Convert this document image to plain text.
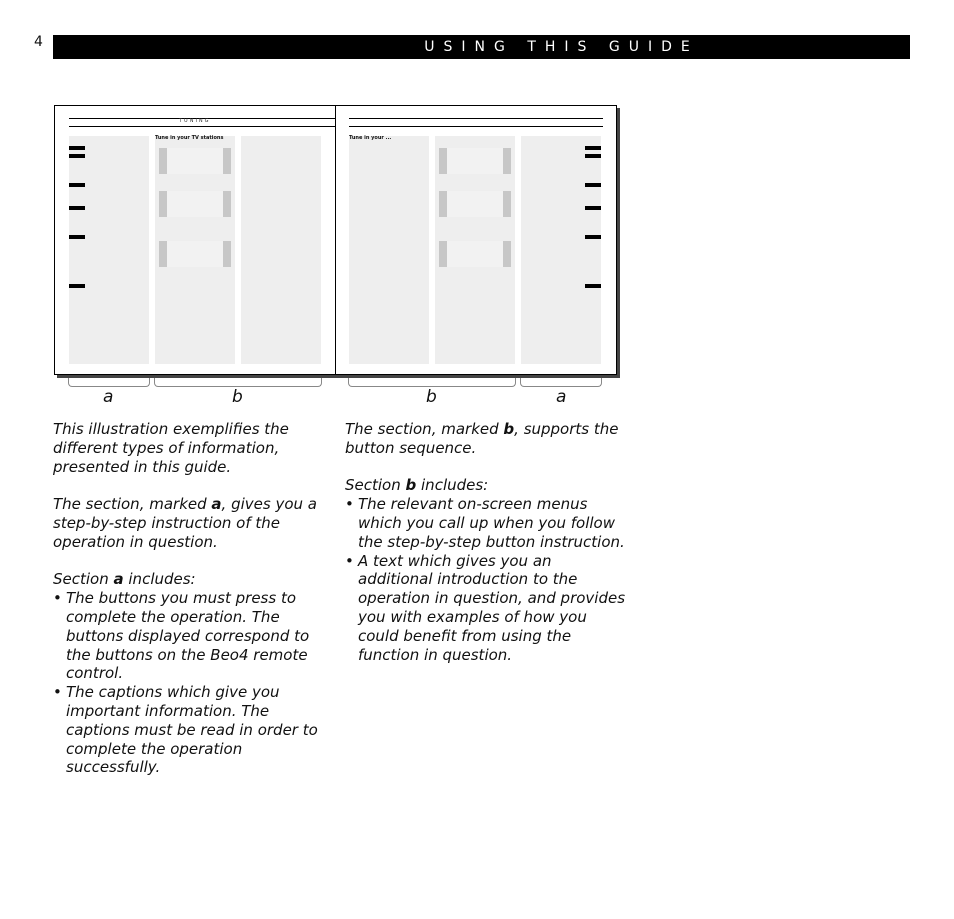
4	USING THIS GUIDE
TUNING
Tune in your TV stations	Tune in your ...
a	b	b	a

This illustration exemplifies the different types of information, presented in this guide.

The section, marked a, gives you a step-by-step instruction of the operation in question.

Section a includes:
• The buttons you must press to complete the operation. The buttons displayed correspond to the buttons on the Beo4 remote control.
• The captions which give you important information. The captions must be read in order to complete the operation successfully.

The section, marked b, supports the button sequence.

Section b includes:
• The relevant on-screen menus which you call up when you follow the step-by-step button instruction.
• A text which gives you an additional introduction to the operation in question, and provides you with examples of how you could benefit from using the function in question.
